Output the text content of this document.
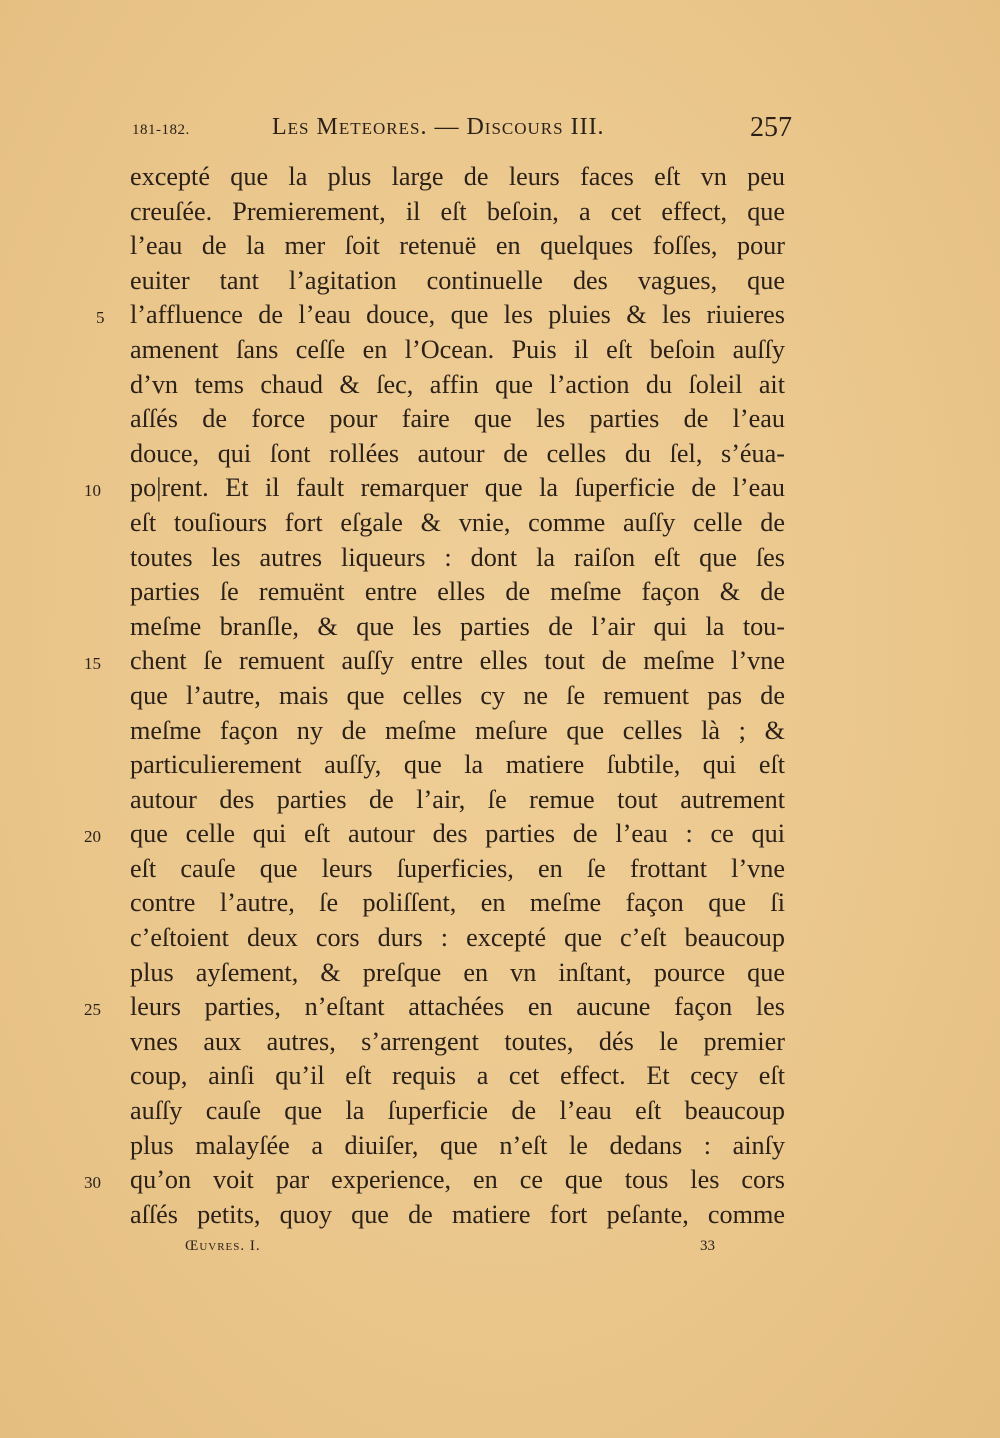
181-182.	Les Meteores. — Discours III.	257
5
10
15
20
25
30
excepté que la plus large de leurs faces eſt vn peu
creuſée. Premierement, il eſt beſoin, a cet effect, que
l’eau de la mer ſoit retenuë en quelques foſſes, pour
euiter tant l’agitation continuelle des vagues, que
l’affluence de l’eau douce, que les pluies & les riuieres
amenent ſans ceſſe en l’Ocean. Puis il eſt beſoin auſſy
d’vn tems chaud & ſec, affin que l’action du ſoleil ait
aſſés de force pour faire que les parties de l’eau
douce, qui ſont rollées autour de celles du ſel, s’éua-
po|rent. Et il fault remarquer que la ſuperficie de l’eau
eſt touſiours fort eſgale & vnie, comme auſſy celle de
toutes les autres liqueurs : dont la raiſon eſt que ſes
parties ſe remuënt entre elles de meſme façon & de
meſme branſle, & que les parties de l’air qui la tou-
chent ſe remuent auſſy entre elles tout de meſme l’vne
que l’autre, mais que celles cy ne ſe remuent pas de
meſme façon ny de meſme meſure que celles là ; &
particulierement auſſy, que la matiere ſubtile, qui eſt
autour des parties de l’air, ſe remue tout autrement
que celle qui eſt autour des parties de l’eau : ce qui
eſt cauſe que leurs ſuperficies, en ſe frottant l’vne
contre l’autre, ſe poliſſent, en meſme façon que ſi
c’eſtoient deux cors durs : excepté que c’eſt beaucoup
plus ayſement, & preſque en vn inſtant, pource que
leurs parties, n’eſtant attachées en aucune façon les
vnes aux autres, s’arrengent toutes, dés le premier
coup, ainſi qu’il eſt requis a cet effect. Et cecy eſt
auſſy cauſe que la ſuperficie de l’eau eſt beaucoup
plus malayſée a diuiſer, que n’eſt le dedans : ainſy
qu’on voit par experience, en ce que tous les cors
aſſés petits, quoy que de matiere fort peſante, comme
Œuvres. I.	33
